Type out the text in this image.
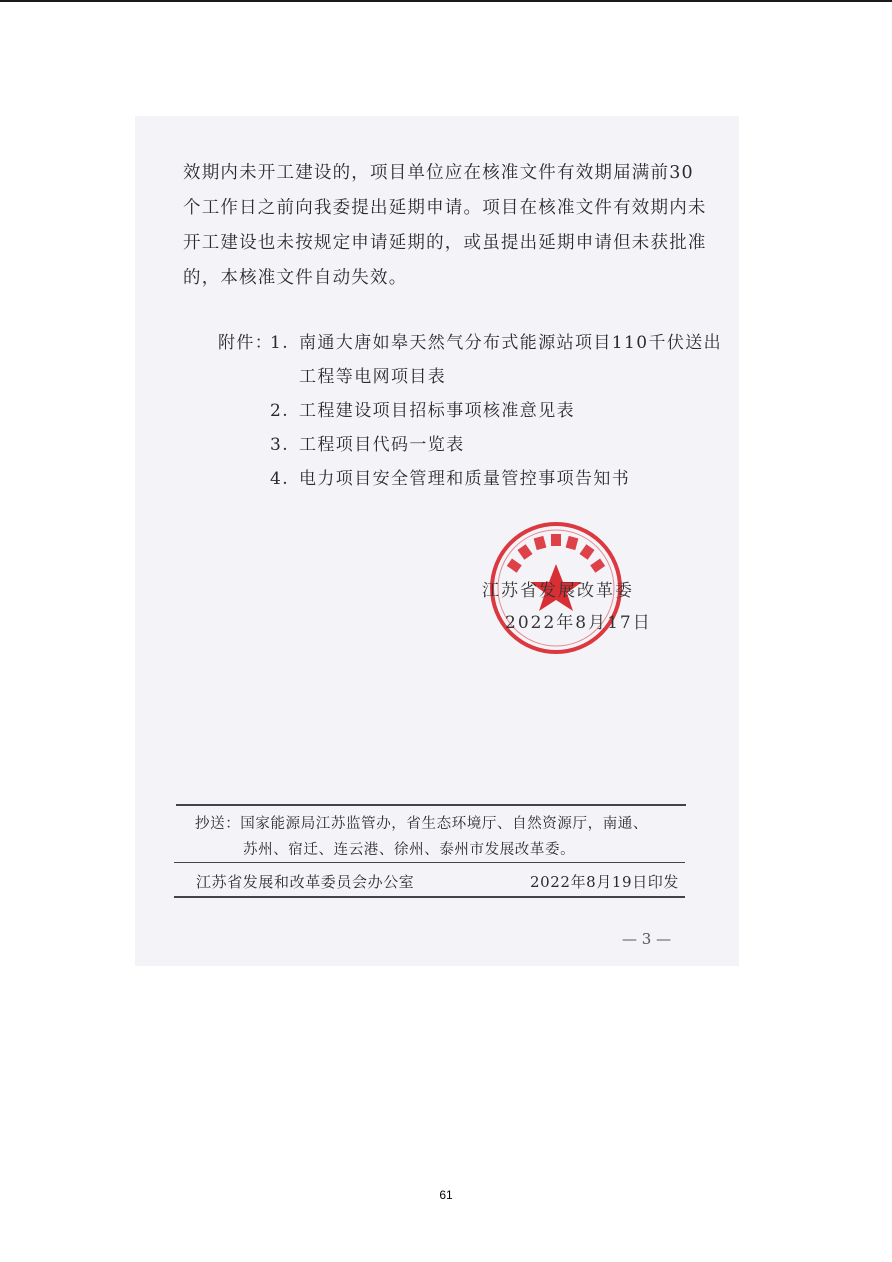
效期内未开工建设的，项目单位应在核准文件有效期届满前30
个工作日之前向我委提出延期申请。项目在核准文件有效期内未
开工建设也未按规定申请延期的，或虽提出延期申请但未获批准
的，本核准文件自动失效。
附件：
1. 南通大唐如皋天然气分布式能源站项目110千伏送出
工程等电网项目表
2. 工程建设项目招标事项核准意见表
3. 工程项目代码一览表
4. 电力项目安全管理和质量管控事项告知书
江苏省发展改革委
2022年8月17日
抄送：国家能源局江苏监管办，省生态环境厅、自然资源厅，南通、
苏州、宿迁、连云港、徐州、泰州市发展改革委。
江苏省发展和改革委员会办公室	2022年8月19日印发
— 3 —
61
